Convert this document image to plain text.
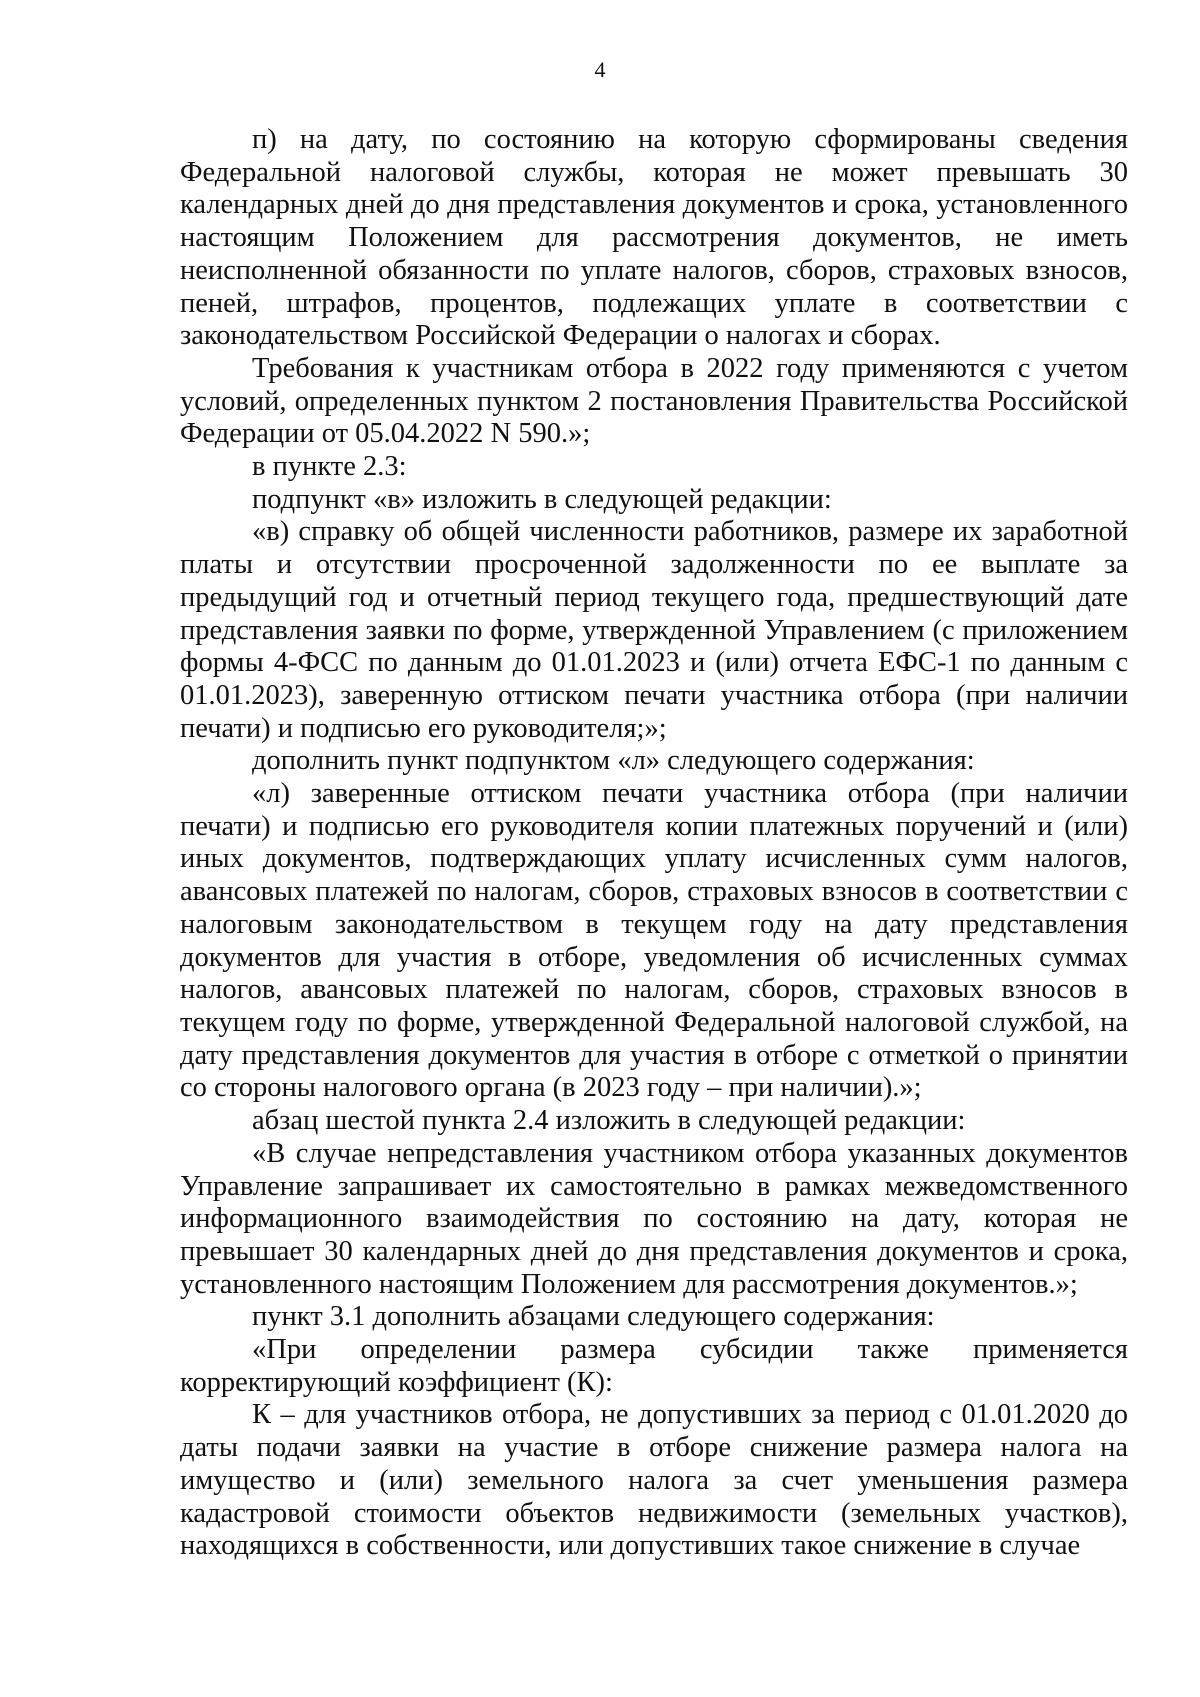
4

п) на дату, по состоянию на которую сформированы сведения Федеральной налоговой службы, которая не может превышать 30 календарных дней до дня представления документов и срока, установленного настоящим Положением для рассмотрения документов, не иметь неисполненной обязанности по уплате налогов, сборов, страховых взносов, пеней, штрафов, процентов, подлежащих уплате в соответствии с законодательством Российской Федерации о налогах и сборах.

Требования к участникам отбора в 2022 году применяются с учетом условий, определенных пунктом 2 постановления Правительства Российской Федерации от 05.04.2022 N 590.»;

в пункте 2.3:

подпункт «в» изложить в следующей редакции:

«в) справку об общей численности работников, размере их заработной платы и отсутствии просроченной задолженности по ее выплате за предыдущий год и отчетный период текущего года, предшествующий дате представления заявки по форме, утвержденной Управлением (с приложением формы 4-ФСС по данным до 01.01.2023 и (или) отчета ЕФС-1 по данным с 01.01.2023), заверенную оттиском печати участника отбора (при наличии печати) и подписью его руководителя;»;

дополнить пункт подпунктом «л» следующего содержания:

«л) заверенные оттиском печати участника отбора (при наличии печати) и подписью его руководителя копии платежных поручений и (или) иных документов, подтверждающих уплату исчисленных сумм налогов, авансовых платежей по налогам, сборов, страховых взносов в соответствии с налоговым законодательством в текущем году на дату представления документов для участия в отборе, уведомления об исчисленных суммах налогов, авансовых платежей по налогам, сборов, страховых взносов в текущем году по форме, утвержденной Федеральной налоговой службой, на дату представления документов для участия в отборе с отметкой о принятии со стороны налогового органа (в 2023 году – при наличии).»;

абзац шестой пункта 2.4 изложить в следующей редакции:

«В случае непредставления участником отбора указанных документов Управление запрашивает их самостоятельно в рамках межведомственного информационного взаимодействия по состоянию на дату, которая не превышает 30 календарных дней до дня представления документов и срока, установленного настоящим Положением для рассмотрения документов.»;

пункт 3.1 дополнить абзацами следующего содержания:

«При определении размера субсидии также применяется корректирующий коэффициент (К):

К – для участников отбора, не допустивших за период с 01.01.2020 до даты подачи заявки на участие в отборе снижение размера налога на имущество и (или) земельного налога за счет уменьшения размера кадастровой стоимости объектов недвижимости (земельных участков), находящихся в собственности, или допустивших такое снижение в случае
